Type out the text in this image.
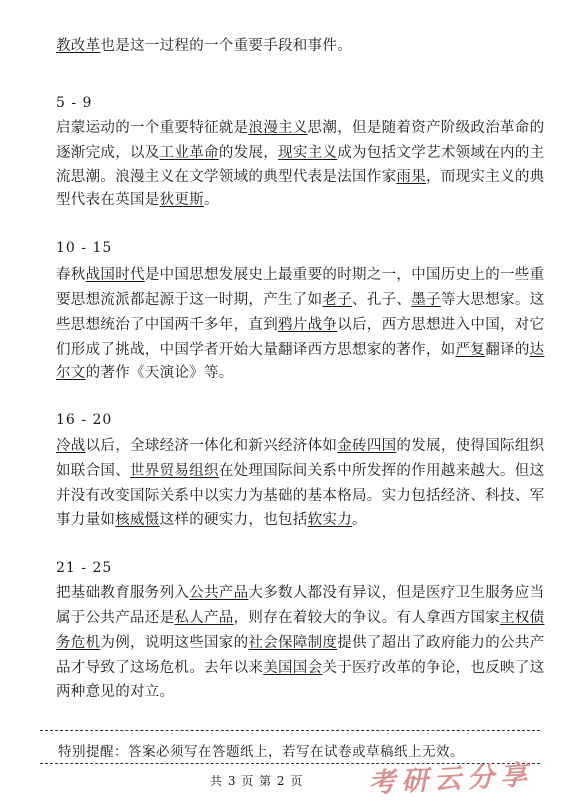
教改革也是这一过程的一个重要手段和事件。
5 - 9
启蒙运动的一个重要特征就是浪漫主义思潮，但是随着资产阶级政治革命的
逐渐完成，以及工业革命的发展，现实主义成为包括文学艺术领域在内的主
流思潮。浪漫主义在文学领域的典型代表是法国作家雨果，而现实主义的典
型代表在英国是狄更斯。
10 - 15
春秋战国时代是中国思想发展史上最重要的时期之一，中国历史上的一些重
要思想流派都起源于这一时期，产生了如老子、孔子、墨子等大思想家。这
些思想统治了中国两千多年，直到鸦片战争以后，西方思想进入中国，对它
们形成了挑战，中国学者开始大量翻译西方思想家的著作，如严复翻译的达
尔文的著作《天演论》等。
16 - 20
冷战以后，全球经济一体化和新兴经济体如金砖四国的发展，使得国际组织
如联合国、世界贸易组织在处理国际间关系中所发挥的作用越来越大。但这
并没有改变国际关系中以实力为基础的基本格局。实力包括经济、科技、军
事力量如核威慑这样的硬实力，也包括软实力。
21 - 25
把基础教育服务列入公共产品大多数人都没有异议，但是医疗卫生服务应当
属于公共产品还是私人产品，则存在着较大的争议。有人拿西方国家主权债
务危机为例，说明这些国家的社会保障制度提供了超出了政府能力的公共产
品才导致了这场危机。去年以来美国国会关于医疗改革的争论，也反映了这
两种意见的对立。
特别提醒：答案必须写在答题纸上，若写在试卷或草稿纸上无效。
共 3 页 第 2 页 考研云分享
